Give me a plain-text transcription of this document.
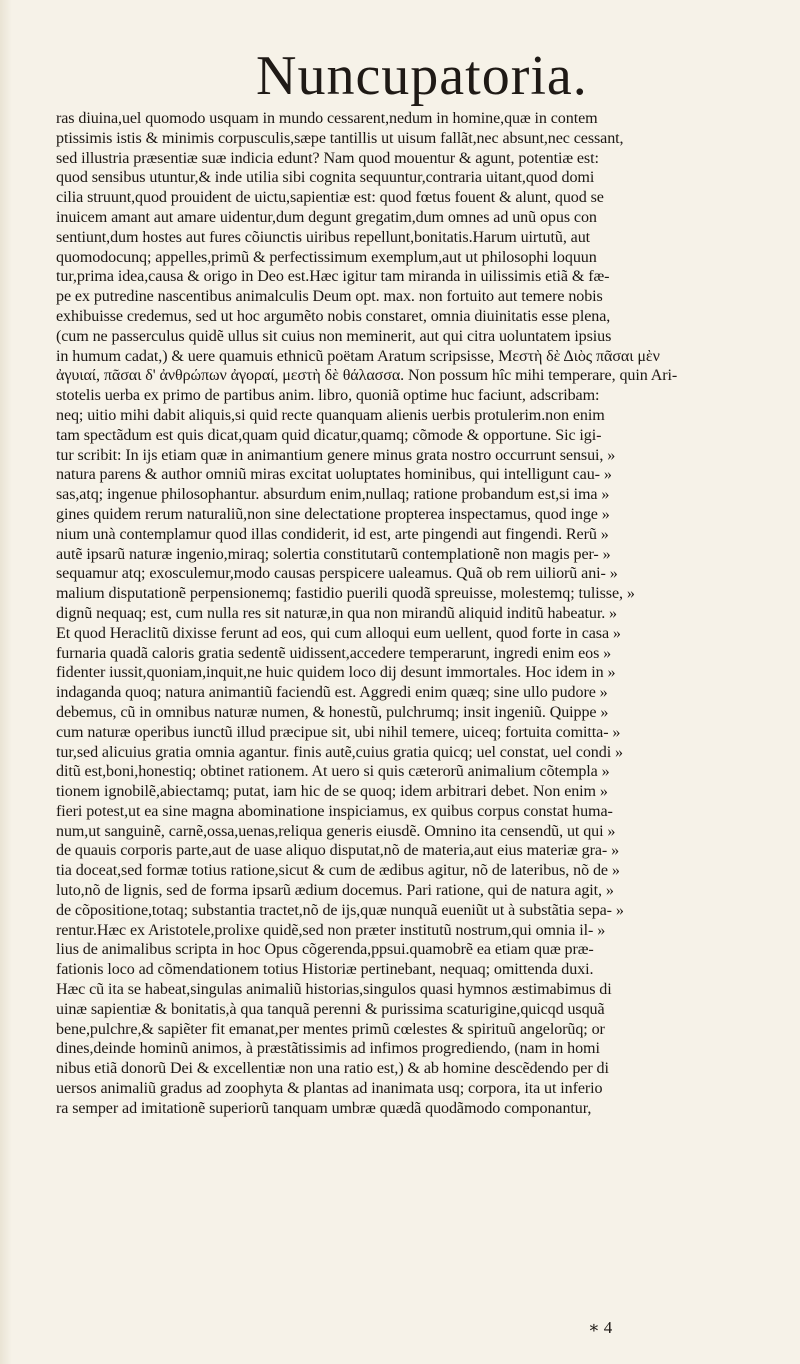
Nuncupatoria.
ras diuina,uel quomodo usquam in mundo cessarent,nedum in homine,quæ in contem
ptissimis istis & minimis corpusculis,sæpe tantillis ut uisum fallãt,nec absunt,nec cessant,
sed illustria præsentiæ suæ indicia edunt? Nam quod mouentur & agunt, potentiæ est:
quod sensibus utuntur,& inde utilia sibi cognita sequuntur,contraria uitant,quod domi
cilia struunt,quod prouident de uictu,sapientiæ est: quod fœtus fouent & alunt, quod se
inuicem amant aut amare uidentur,dum degunt gregatim,dum omnes ad unũ opus con
sentiunt,dum hostes aut fures cõiunctis uiribus repellunt,bonitatis.Harum uirtutũ, aut
quomodocunq; appelles,primũ & perfectissimum exemplum,aut ut philosophi loquun
tur,prima idea,causa & origo in Deo est.Hæc igitur tam miranda in uilissimis etiã & fæ-
pe ex putredine nascentibus animalculis Deum opt. max. non fortuito aut temere nobis
exhibuisse credemus, sed ut hoc argumẽto nobis constaret, omnia diuinitatis esse plena,
(cum ne passerculus quidẽ ullus sit cuius non meminerit, aut qui citra uoluntatem ipsius
in humum cadat,) & uere quamuis ethnicũ poëtam Aratum scripsisse, Μεστὴ δὲ Διὸς πᾶσαι μὲν
ἀγυιαί, πᾶσαι δ' ἀνθρώπων ἀγοραί, μεστὴ δὲ θάλασσα. Non possum hîc mihi temperare, quin Ari-
stotelis uerba ex primo de partibus anim. libro, quoniã optime huc faciunt, adscribam:
neq; uitio mihi dabit aliquis,si quid recte quanquam alienis uerbis protulerim.non enim
tam spectãdum est quis dicat,quam quid dicatur,quamq; cõmode & opportune. Sic igi-
tur scribit: In ijs etiam quæ in animantium genere minus grata nostro occurrunt sensui, »
natura parens & author omniũ miras excitat uoluptates hominibus, qui intelligunt cau- »
sas,atq; ingenue philosophantur. absurdum enim,nullaq; ratione probandum est,si ima »
gines quidem rerum naturaliũ,non sine delectatione propterea inspectamus, quod inge »
nium unà contemplamur quod illas condiderit, id est, arte pingendi aut fingendi. Rerũ »
autẽ ipsarũ naturæ ingenio,miraq; solertia constitutarũ contemplationẽ non magis per- »
sequamur atq; exosculemur,modo causas perspicere ualeamus. Quã ob rem uiliorũ ani- »
malium disputationẽ perpensionemq; fastidio puerili quodã spreuisse, molestemq; tulisse, »
dignũ nequaq; est, cum nulla res sit naturæ,in qua non mirandũ aliquid inditũ habeatur. »
Et quod Heraclitũ dixisse ferunt ad eos, qui cum alloqui eum uellent, quod forte in casa »
furnaria quadã caloris gratia sedentẽ uidissent,accedere temperarunt, ingredi enim eos »
fidenter iussit,quoniam,inquit,ne huic quidem loco dij desunt immortales. Hoc idem in »
indaganda quoq; natura animantiũ faciendũ est. Aggredi enim quæq; sine ullo pudore »
debemus, cũ in omnibus naturæ numen, & honestũ, pulchrumq; insit ingeniũ. Quippe »
cum naturæ operibus iunctũ illud præcipue sit, ubi nihil temere, uiceq; fortuita comitta- »
tur,sed alicuius gratia omnia agantur. finis autẽ,cuius gratia quicq; uel constat, uel condi »
ditũ est,boni,honestiq; obtinet rationem. At uero si quis cæterorũ animalium cõtempla »
tionem ignobilẽ,abiectamq; putat, iam hic de se quoq; idem arbitrari debet. Non enim »
fieri potest,ut ea sine magna abominatione inspiciamus, ex quibus corpus constat huma-
num,ut sanguinẽ, carnẽ,ossa,uenas,reliqua generis eiusdẽ. Omnino ita censendũ, ut qui »
de quauis corporis parte,aut de uase aliquo disputat,nõ de materia,aut eius materiæ gra- »
tia doceat,sed formæ totius ratione,sicut & cum de ædibus agitur, nõ de lateribus, nõ de »
luto,nõ de lignis, sed de forma ipsarũ ædium docemus. Pari ratione, qui de natura agit, »
de cõpositione,totaq; substantia tractet,nõ de ijs,quæ nunquã eueniũt ut à substãtia sepa- »
rentur.Hæc ex Aristotele,prolixe quidẽ,sed non præter institutũ nostrum,qui omnia il- »
lius de animalibus scripta in hoc Opus cõgerenda,ppsui.quamobrẽ ea etiam quæ præ-
fationis loco ad cõmendationem totius Historiæ pertinebant, nequaq; omittenda duxi.
Hæc cũ ita se habeat,singulas animaliũ historias,singulos quasi hymnos æstimabimus di
uinæ sapientiæ & bonitatis,à qua tanquã perenni & purissima scaturigine,quicqd usquã
bene,pulchre,& sapiẽter fit emanat,per mentes primũ cœlestes & spirituũ angelorũq; or
dines,deinde hominũ animos, à præstãtissimis ad infimos progrediendo, (nam in homi
nibus etiã donorũ Dei & excellentiæ non una ratio est,) & ab homine descẽdendo per di
uersos animaliũ gradus ad zoophyta & plantas ad inanimata usq; corpora, ita ut inferio
ra semper ad imitationẽ superiorũ tanquam umbræ quædã quodãmodo componantur,
∗ 4
